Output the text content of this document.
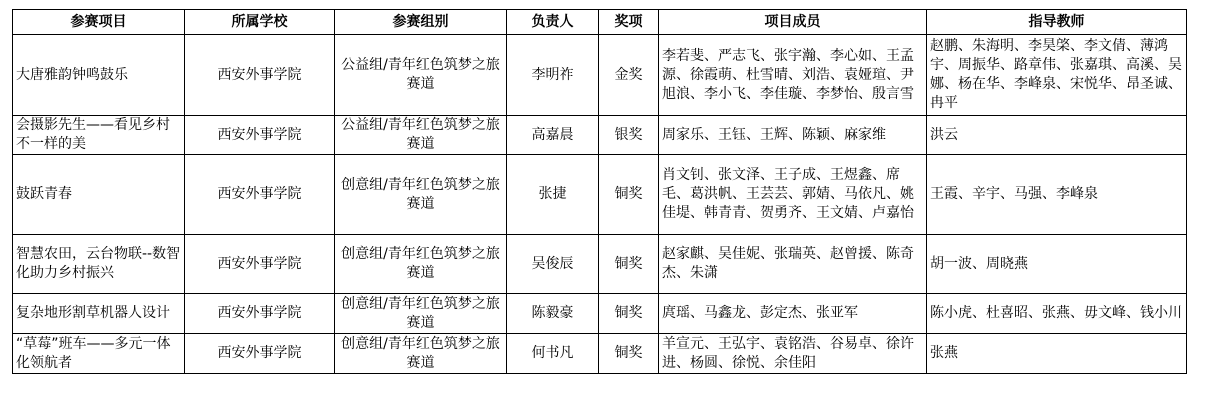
参赛项目	所属学校	参赛组别	负责人	奖项	项目成员	指导教师
大唐雅韵钟鸣鼓乐	西安外事学院	公益组/青年红色筑梦之旅赛道	李明祚	金奖	李若斐、严志飞、张宇瀚、李心如、王孟源、徐霞萌、杜雪晴、刘浩、袁娅瑄、尹旭浪、李小飞、李佳璇、李梦怡、殷言雪	赵鹏、朱海明、李昊棨、李文倩、薄鸿宇、周振华、路章伟、张嘉琪、高溪、吴娜、杨在华、李峰泉、宋悦华、昂圣诚、冉平
会摄影先生——看见乡村不一样的美	西安外事学院	公益组/青年红色筑梦之旅赛道	高嘉晨	银奖	周家乐、王钰、王辉、陈颖、麻家维	洪云
鼓跃青春	西安外事学院	创意组/青年红色筑梦之旅赛道	张捷	铜奖	肖文钊、张文泽、王子成、王煜鑫、席毛、葛洪帆、王芸芸、郭婧、马依凡、姚佳堤、韩青青、贺勇齐、王文婧、卢嘉怡	王霞、辛宇、马强、李峰泉
智慧农田，云台物联--数智化助力乡村振兴	西安外事学院	创意组/青年红色筑梦之旅赛道	吴俊辰	铜奖	赵家麒、吴佳妮、张瑞英、赵曾援、陈奇杰、朱潇	胡一波、周晓燕
复杂地形割草机器人设计	西安外事学院	创意组/青年红色筑梦之旅赛道	陈毅豪	铜奖	庹瑶、马鑫龙、彭定杰、张亚军	陈小虎、杜喜昭、张燕、毋文峰、钱小川
“草莓”班车——多元一体化领航者	西安外事学院	创意组/青年红色筑梦之旅赛道	何书凡	铜奖	羊宣元、王弘宇、袁铭浩、谷易卓、徐许进、杨圆、徐悦、余佳阳	张燕
